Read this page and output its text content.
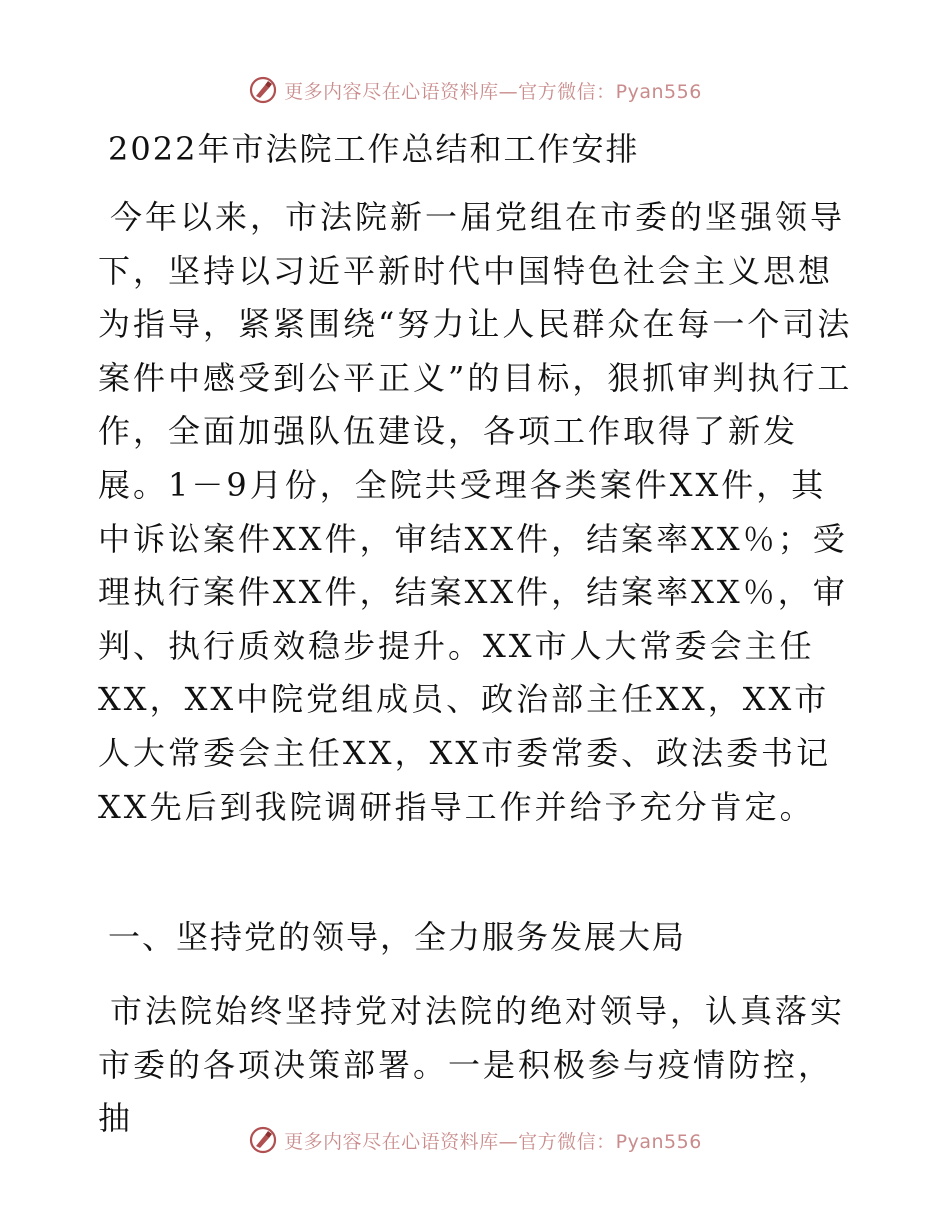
更多内容尽在心语资料库—官方微信：Pyan556
2022年市法院工作总结和工作安排

今年以来，市法院新一届党组在市委的坚强领导下，坚持以习近平新时代中国特色社会主义思想为指导，紧紧围绕“努力让人民群众在每一个司法案件中感受到公平正义”的目标，狠抓审判执行工作，全面加强队伍建设，各项工作取得了新发展。1－9月份，全院共受理各类案件XX件，其中诉讼案件XX件，审结XX件，结案率XX％；受理执行案件XX件，结案XX件，结案率XX％，审判、执行质效稳步提升。XX市人大常委会主任XX，XX中院党组成员、政治部主任XX，XX市人大常委会主任XX，XX市委常委、政法委书记XX先后到我院调研指导工作并给予充分肯定。

一、坚持党的领导，全力服务发展大局

市法院始终坚持党对法院的绝对领导，认真落实市委的各项决策部署。一是积极参与疫情防控，抽

更多内容尽在心语资料库—官方微信：Pyan556
